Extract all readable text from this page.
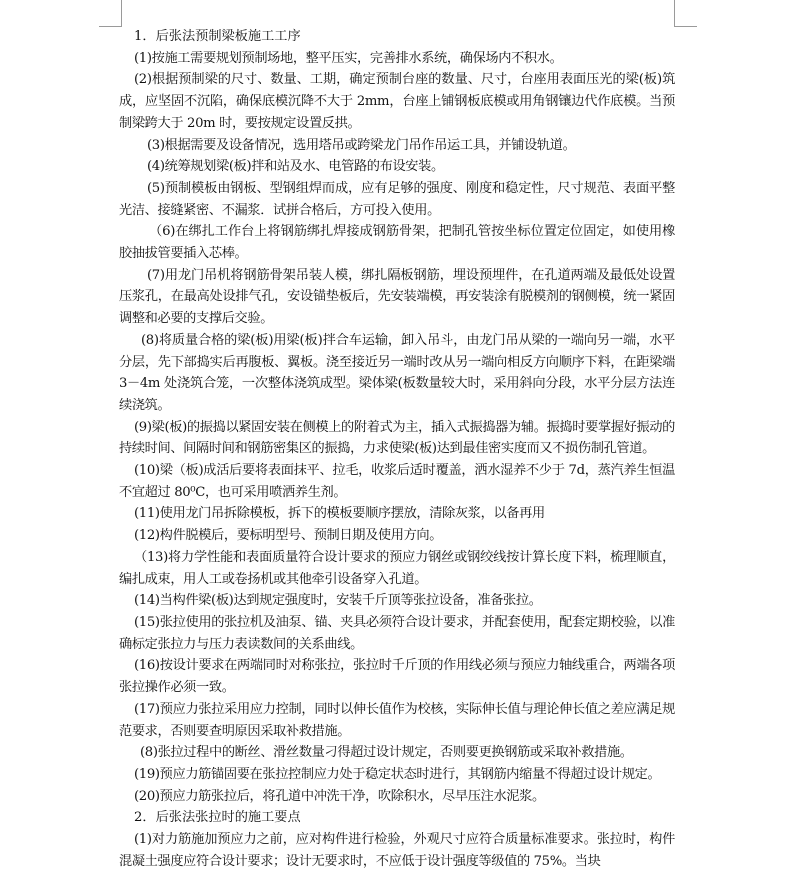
1．后张法预制梁板施工工序

(1)按施工需要规划预制场地，整平压实，完善排水系统，确保场内不积水。

(2)根据预制梁的尺寸、数量、工期，确定预制台座的数量、尺寸，台座用表面压光的梁(板)筑成，应坚固不沉陷，确保底模沉降不大于 2mm，台座上铺钢板底模或用角钢镶边代作底模。当预制梁跨大于 20m 时，要按规定设置反拱。

(3)根据需要及设备情况，选用塔吊或跨梁龙门吊作吊运工具，并铺设轨道。

(4)统筹规划梁(板)拌和站及水、电管路的布设安装。

(5)预制模板由钢板、型钢组焊而成，应有足够的强度、刚度和稳定性，尺寸规范、表面平整光洁、接缝紧密、不漏浆．试拼合格后，方可投入使用。

（6)在绑扎工作台上将钢筋绑扎焊接成钢筋骨架，把制孔管按坐标位置定位固定，如使用橡胶抽拔管要插入芯棒。

(7)用龙门吊机将钢筋骨架吊装人模，绑扎隔板钢筋，埋设预埋件，在孔道两端及最低处设置压浆孔，在最高处设排气孔，安设锚垫板后，先安装端模，再安装涂有脱模剂的钢侧模，统一紧固调整和必要的支撑后交验。

(8)将质量合格的梁(板)用梁(板)拌合车运输，卸入吊斗，由龙门吊从梁的一端向另一端，水平分层，先下部捣实后再腹板、翼板。浇至接近另一端时改从另一端向相反方向顺序下料，在距梁端 3－4m 处浇筑合笼，一次整体浇筑成型。梁体梁(板数量较大时，采用斜向分段，水平分层方法连续浇筑。

(9)梁(板)的振捣以紧固安装在侧模上的附着式为主，插入式振捣器为辅。振捣时要掌握好振动的持续时间、间隔时间和钢筋密集区的振捣，力求使梁(板)达到最佳密实度而又不损伤制孔管道。

(10)梁（板)成活后要将表面抹平、拉毛，收浆后适时覆盖，洒水湿养不少于 7d，蒸汽养生恒温不宜超过 80⁰C，也可采用喷洒养生剂。

(11)使用龙门吊拆除模板，拆下的模板要顺序摆放，清除灰浆，以备再用

(12)构件脱模后，要标明型号、预制日期及使用方向。

（13)将力学性能和表面质量符合设计要求的预应力钢丝或钢绞线按计算长度下料，梳理顺直，编扎成束，用人工或卷扬机或其他牵引设备穿入孔道。

(14)当构件梁(板)达到规定强度时，安装千斤顶等张拉设备，准备张拉。

(15)张拉使用的张拉机及油泵、锚、夹具必须符合设计要求，并配套使用，配套定期校验，以准确标定张拉力与压力表读数间的关系曲线。

(16)按设计要求在两端同时对称张拉，张拉时千斤顶的作用线必须与预应力轴线重合，两端各项张拉操作必须一致。

(17)预应力张拉采用应力控制，同时以伸长值作为校核，实际伸长值与理论伸长值之差应满足规范要求，否则要查明原因采取补救措施。

(8)张拉过程中的断丝、滑丝数量刁得超过设计规定，否则要更换钢筋或采取补救措施。

(19)预应力筋锚固要在张拉控制应力处于稳定状态时进行，其钢筋内缩量不得超过设计规定。

(20)预应力筋张拉后，将孔道中冲洗干净，吹除积水，尽早压注水泥浆。

2．后张法张拉时的施工要点

(1)对力筋施加预应力之前，应对构件进行检验，外观尺寸应符合质量标准要求。张拉时，构件混凝土强度应符合设计要求；设计无要求时，不应低于设计强度等级值的 75%。当块
